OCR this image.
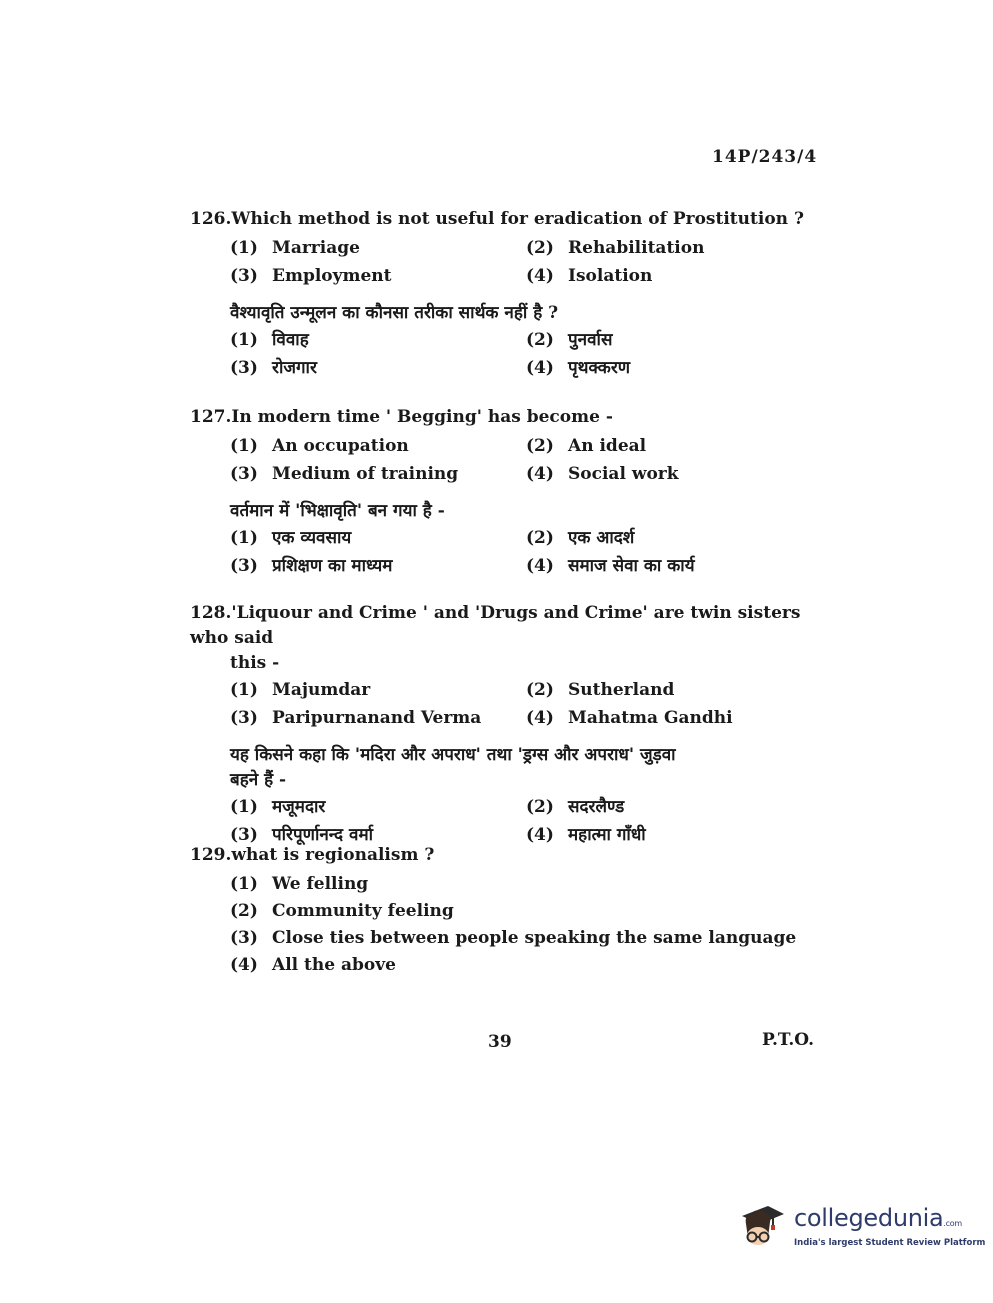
14P/243/4
126.Which method is not useful for eradication of Prostitution ?
(1) Marriage	(2) Rehabilitation
(3) Employment	(4) Isolation
वैश्यावृति उन्मूलन का कौनसा तरीका सार्थक नहीं है ?
(1) विवाह	(2) पुनर्वास
(3) रोजगार	(4) पृथक्करण
127.In modern time ' Begging' has become -
(1) An occupation	(2) An ideal
(3) Medium of training	(4) Social work
वर्तमान में 'भिक्षावृति' बन गया है -
(1) एक व्यवसाय	(2) एक आदर्श
(3) प्रशिक्षण का माध्यम	(4) समाज सेवा का कार्य
128.'Liquour and Crime ' and 'Drugs and Crime' are twin sisters who said
this -
(1) Majumdar	(2) Sutherland
(3) Paripurnanand Verma	(4) Mahatma Gandhi
यह किसने कहा कि 'मदिरा और अपराध' तथा 'ड्रग्स और अपराध' जुड़वा
बहने हैं -
(1) मजूमदार	(2) सदरलैण्ड
(3) परिपूर्णानन्द वर्मा	(4) महात्मा गाँधी
129.what is regionalism ?
(1) We felling
(2) Community feeling
(3) Close ties between people speaking the same language
(4) All the above
39	P.T.O.
collegedunia.com
India's largest Student Review Platform
